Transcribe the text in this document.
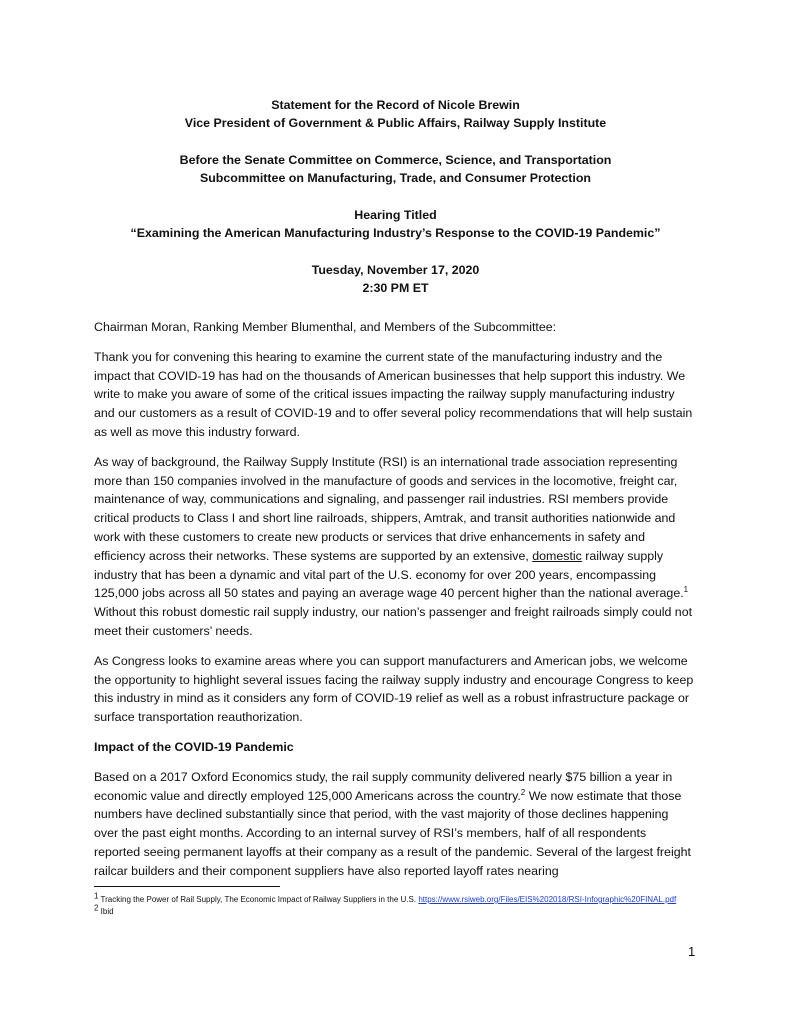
Statement for the Record of Nicole Brewin

Vice President of Government & Public Affairs, Railway Supply Institute

Before the Senate Committee on Commerce, Science, and Transportation

Subcommittee on Manufacturing, Trade, and Consumer Protection

Hearing Titled

“Examining the American Manufacturing Industry’s Response to the COVID-19 Pandemic”

Tuesday, November 17, 2020

2:30 PM ET

Chairman Moran, Ranking Member Blumenthal, and Members of the Subcommittee:

Thank you for convening this hearing to examine the current state of the manufacturing industry and the impact that COVID-19 has had on the thousands of American businesses that help support this industry. We write to make you aware of some of the critical issues impacting the railway supply manufacturing industry and our customers as a result of COVID-19 and to offer several policy recommendations that will help sustain as well as move this industry forward.

As way of background, the Railway Supply Institute (RSI) is an international trade association representing more than 150 companies involved in the manufacture of goods and services in the locomotive, freight car, maintenance of way, communications and signaling, and passenger rail industries. RSI members provide critical products to Class I and short line railroads, shippers, Amtrak, and transit authorities nationwide and work with these customers to create new products or services that drive enhancements in safety and efficiency across their networks. These systems are supported by an extensive, domestic railway supply industry that has been a dynamic and vital part of the U.S. economy for over 200 years, encompassing 125,000 jobs across all 50 states and paying an average wage 40 percent higher than the national average.$^1$ Without this robust domestic rail supply industry, our nation’s passenger and freight railroads simply could not meet their customers’ needs.

As Congress looks to examine areas where you can support manufacturers and American jobs, we welcome the opportunity to highlight several issues facing the railway supply industry and encourage Congress to keep this industry in mind as it considers any form of COVID-19 relief as well as a robust infrastructure package or surface transportation reauthorization.

Impact of the COVID-19 Pandemic

Based on a 2017 Oxford Economics study, the rail supply community delivered nearly $75 billion a year in economic value and directly employed 125,000 Americans across the country.$^2$ We now estimate that those numbers have declined substantially since that period, with the vast majority of those declines happening over the past eight months. According to an internal survey of RSI’s members, half of all respondents reported seeing permanent layoffs at their company as a result of the pandemic. Several of the largest freight railcar builders and their component suppliers have also reported layoff rates nearing

$^1$ Tracking the Power of Rail Supply, The Economic Impact of Railway Suppliers in the U.S. https://www.rsiweb.org/Files/EIS%202018/RSI-Infographic%20FINAL.pdf

$^2$ Ibid

1
